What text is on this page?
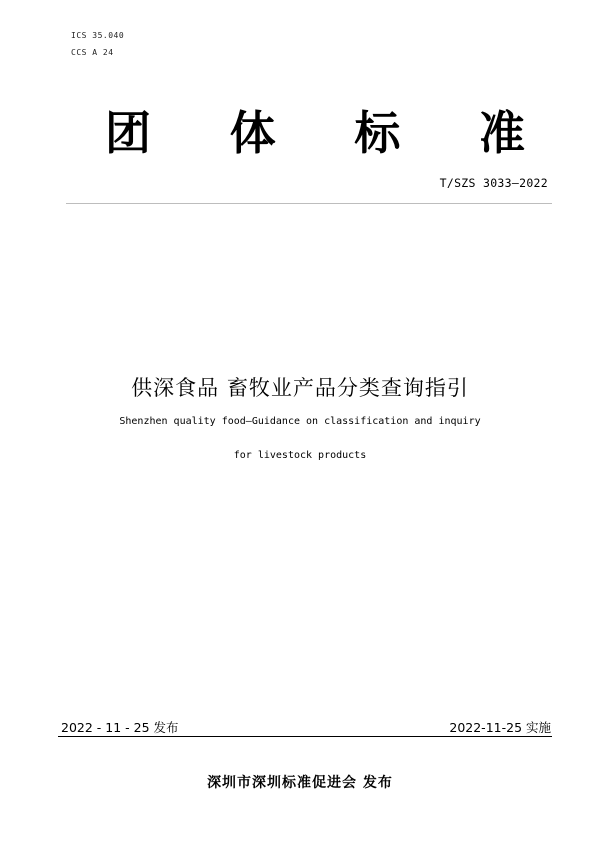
ICS 35.040
CCS A 24
团 体 标 准
T/SZS 3033—2022
供深食品 畜牧业产品分类查询指引
Shenzhen quality food—Guidance on classification and inquiry
for livestock products
2022 - 11 - 25 发布	2022-11-25 实施
深圳市深圳标准促进会 发布
